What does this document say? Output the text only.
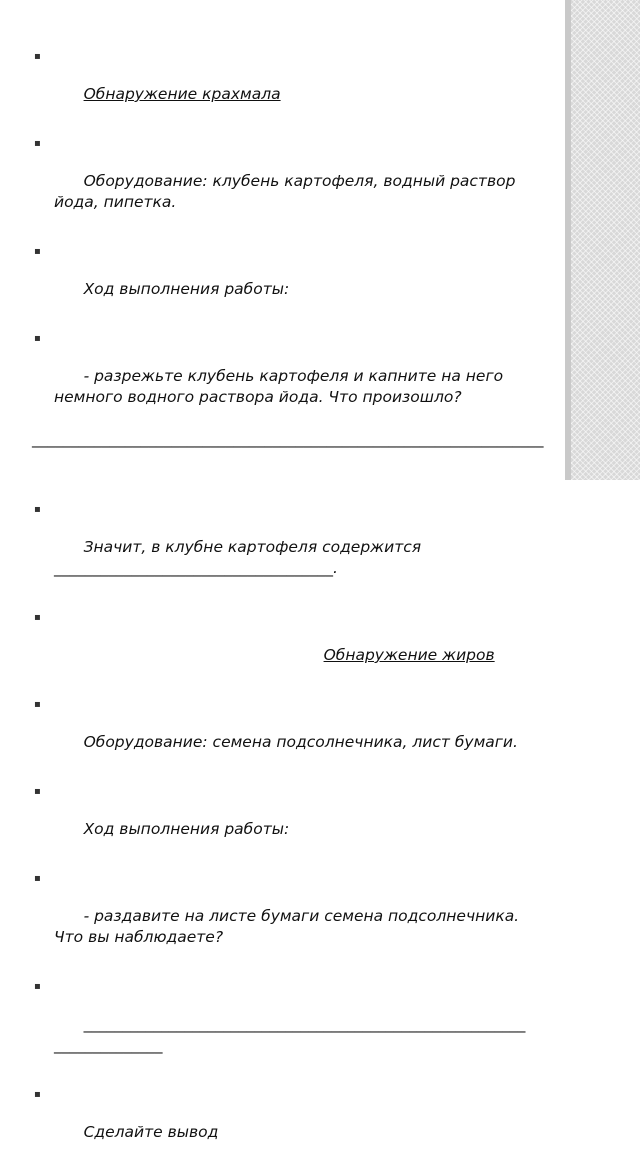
▪

Обнаружение крахмала

▪

Оборудование: клубень картофеля, водный раствор йода, пипетка.

▪

Ход выполнения работы:

▪

- разрежьте клубень картофеля и капните на него немного водного раствора йода. Что произошло?

__________________________________________________________________

▪

Значит, в клубне картофеля содержится ____________________________________.

▪

Обнаружение жиров

▪

Оборудование: семена подсолнечника, лист бумаги.

▪

Ход выполнения работы:

▪

- раздавите на листе бумаги семена подсолнечника. Что вы наблюдаете?

▪

_______________________________________________________________________

▪

Сделайте вывод
